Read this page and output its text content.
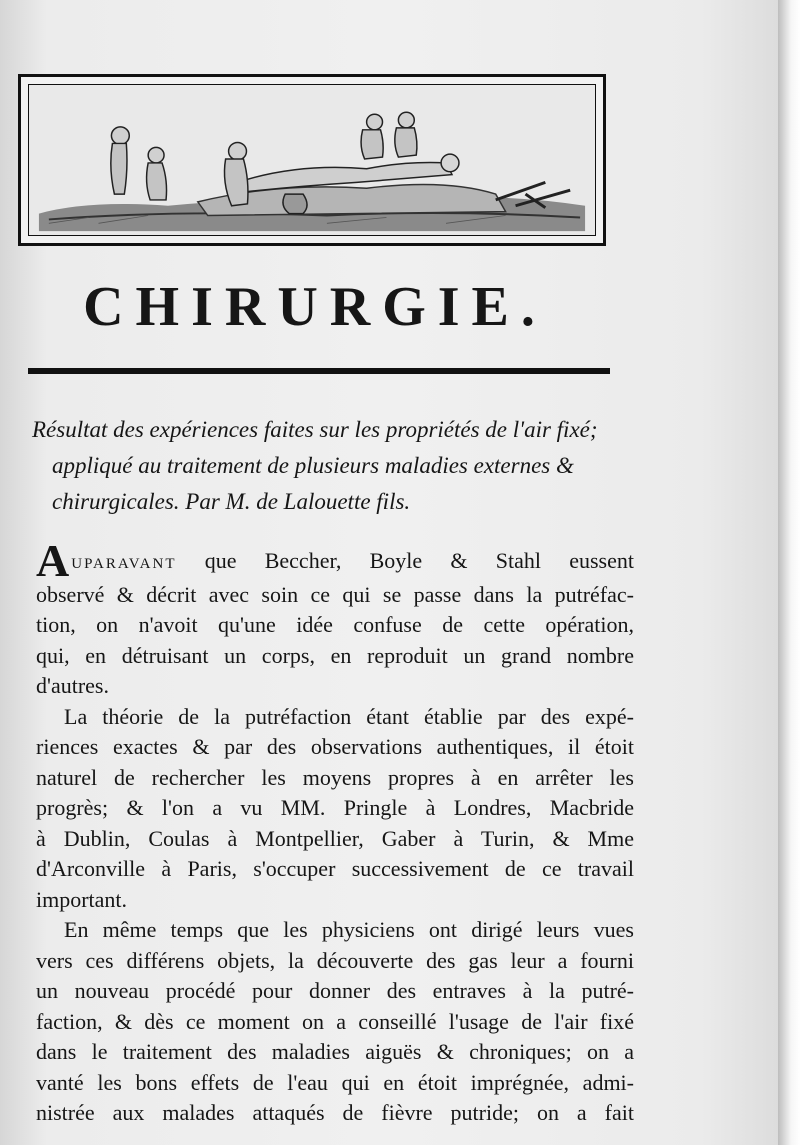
CHIRURGIE.
Résultat des expériences faites sur les propriétés de l'air fixé;
appliqué au traitement de plusieurs maladies externes &
chirurgicales. Par M. de Lalouette fils.
AUPARAVANT que Beccher, Boyle & Stahl eussent
observé & décrit avec soin ce qui se passe dans la putréfac-
tion, on n'avoit qu'une idée confuse de cette opération,
qui, en détruisant un corps, en reproduit un grand nombre
d'autres.
La théorie de la putréfaction étant établie par des expé-
riences exactes & par des observations authentiques, il étoit
naturel de rechercher les moyens propres à en arrêter les
progrès; & l'on a vu MM. Pringle à Londres, Macbride
à Dublin, Coulas à Montpellier, Gaber à Turin, & Mme
d'Arconville à Paris, s'occuper successivement de ce travail
important.
En même temps que les physiciens ont dirigé leurs vues
vers ces différens objets, la découverte des gas leur a fourni
un nouveau procédé pour donner des entraves à la putré-
faction, & dès ce moment on a conseillé l'usage de l'air fixé
dans le traitement des maladies aiguës & chroniques; on a
vanté les bons effets de l'eau qui en étoit imprégnée, admi-
nistrée aux malades attaqués de fièvre putride; on a fait
